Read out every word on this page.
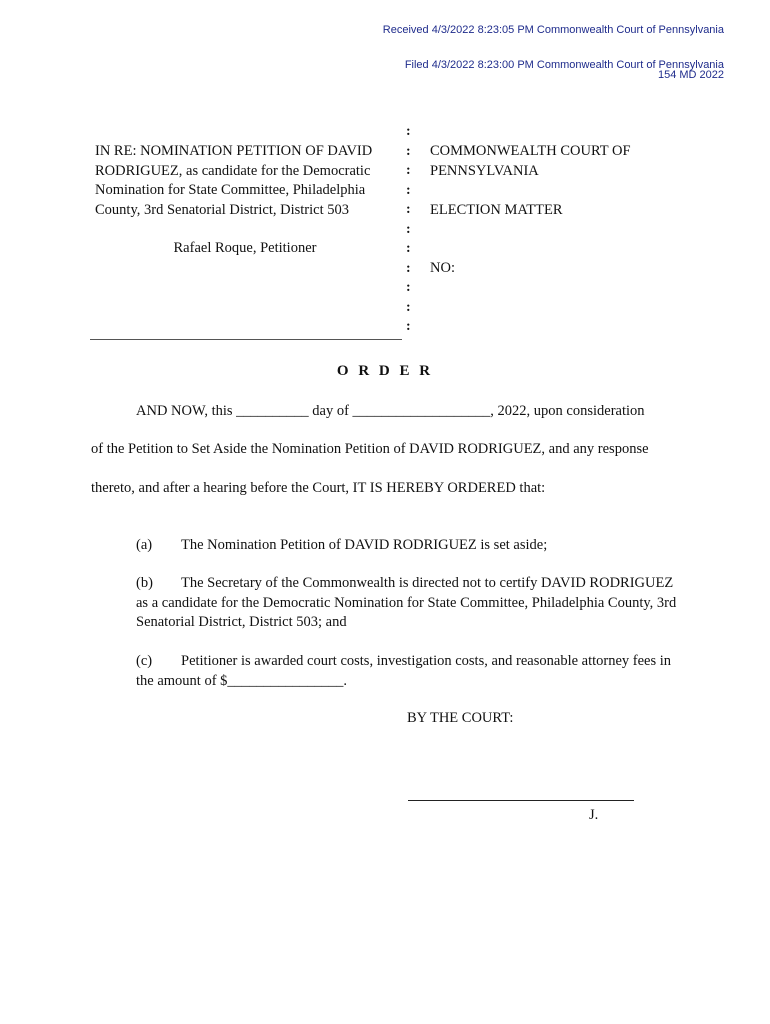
Received 4/3/2022 8:23:05 PM Commonwealth Court of Pennsylvania
Filed 4/3/2022 8:23:00 PM Commonwealth Court of Pennsylvania
154 MD 2022
IN RE: NOMINATION PETITION OF DAVID
RODRIGUEZ, as candidate for the Democratic
Nomination for State Committee, Philadelphia
County, 3rd Senatorial District, District 503
Rafael Roque, Petitioner
:
:
:
:
:
:
:
:
:
:
:
COMMONWEALTH COURT OF
PENNSYLVANIA
ELECTION MATTER
NO:
O R D E R
AND NOW, this __________ day of ___________________, 2022, upon consideration
of the Petition to Set Aside the Nomination Petition of DAVID RODRIGUEZ, and any response
thereto, and after a hearing before the Court, IT IS HEREBY ORDERED that:
(a) The Nomination Petition of DAVID RODRIGUEZ is set aside;
(b) The Secretary of the Commonwealth is directed not to certify DAVID RODRIGUEZ as a candidate for the Democratic Nomination for State Committee, Philadelphia County, 3rd Senatorial District, District 503; and
(c) Petitioner is awarded court costs, investigation costs, and reasonable attorney fees in the amount of $________________.
BY THE COURT:
J.
